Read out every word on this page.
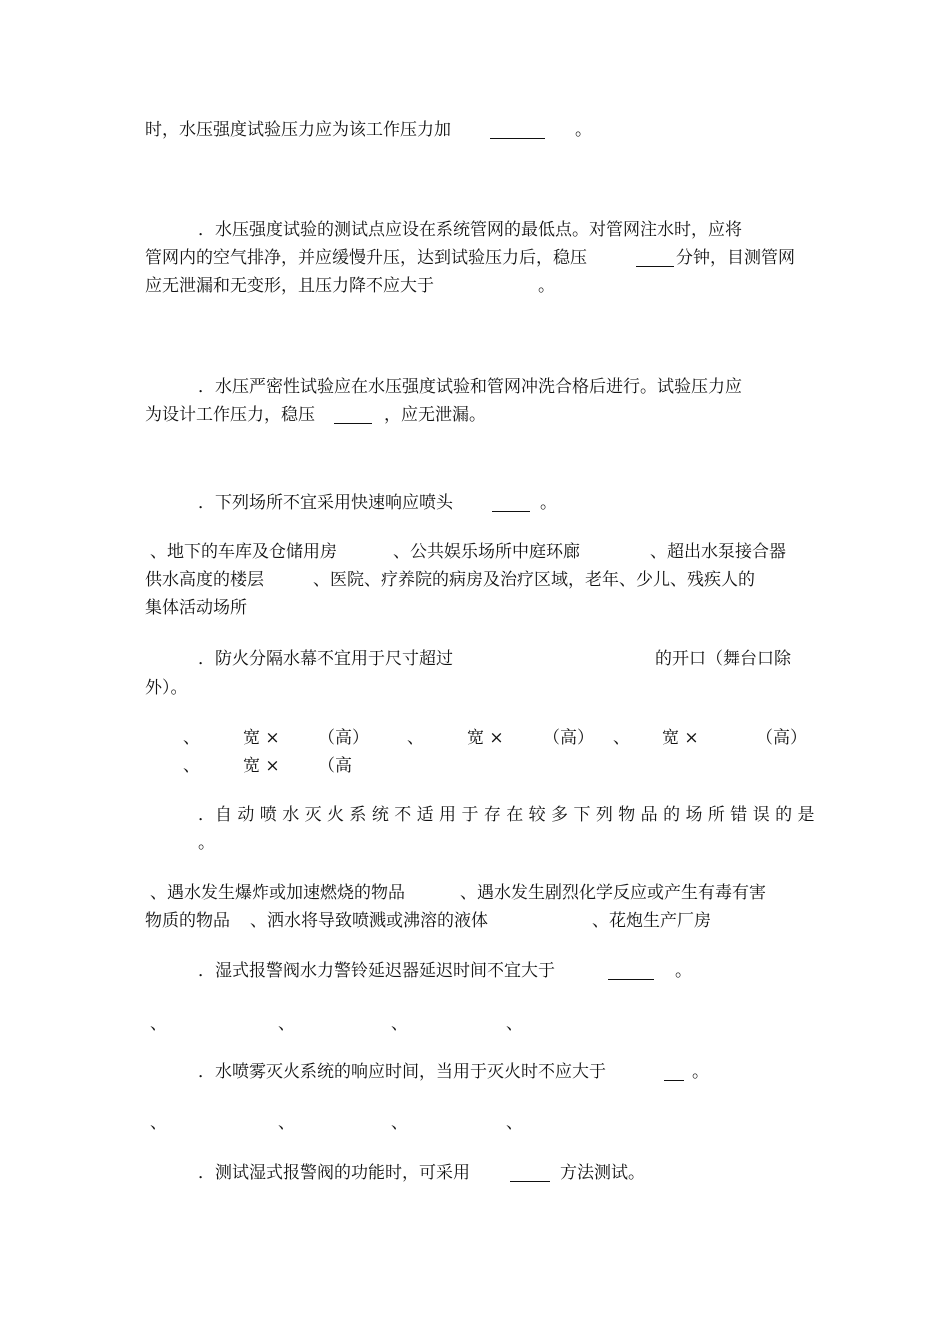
时，水压强度试验压力应为该工作压力加

	。

．水压强度试验的测试点应设在系统管网的最低点。对管网注水时，应将

管网内的空气排净，并应缓慢升压，达到试验压力后，稳压

	分钟，目测管网

应无泄漏和无变形，且压力降不应大于

	。

．水压严密性试验应在水压强度试验和管网冲洗合格后进行。试验压力应

为设计工作压力，稳压

	，应无泄漏。

．下列场所不宜采用快速响应喷头

	。

、地下的车库及仓储用房

	、公共娱乐场所中庭环廊

	、超出水泵接合器

供水高度的楼层

	、医院、疗养院的病房及治疗区域，老年、少儿、残疾人的

集体活动场所

．防火分隔水幕不宜用于尺寸超过

	的开口（舞台口除

外）。

、

	宽 ×

（高）

、

	宽 ×

（高）

、

宽 ×

	（高）

、

	宽 ×

（高

．自 动 喷 水 灭 火 系 统 不 适 用 于 存 在 较 多 下 列 物 品 的 场 所 错 误 的 是

。

、遇水发生爆炸或加速燃烧的物品

	、遇水发生剧烈化学反应或产生有毒有害

物质的物品

、洒水将导致喷溅或沸溶的液体

	、花炮生产厂房

．湿式报警阀水力警铃延迟器延迟时间不宜大于

	。

、

	、

	、

	、

．水喷雾灭火系统的响应时间，当用于灭火时不应大于

	。

、

	、

	、

	、

．测试湿式报警阀的功能时，可采用

	方法测试。
